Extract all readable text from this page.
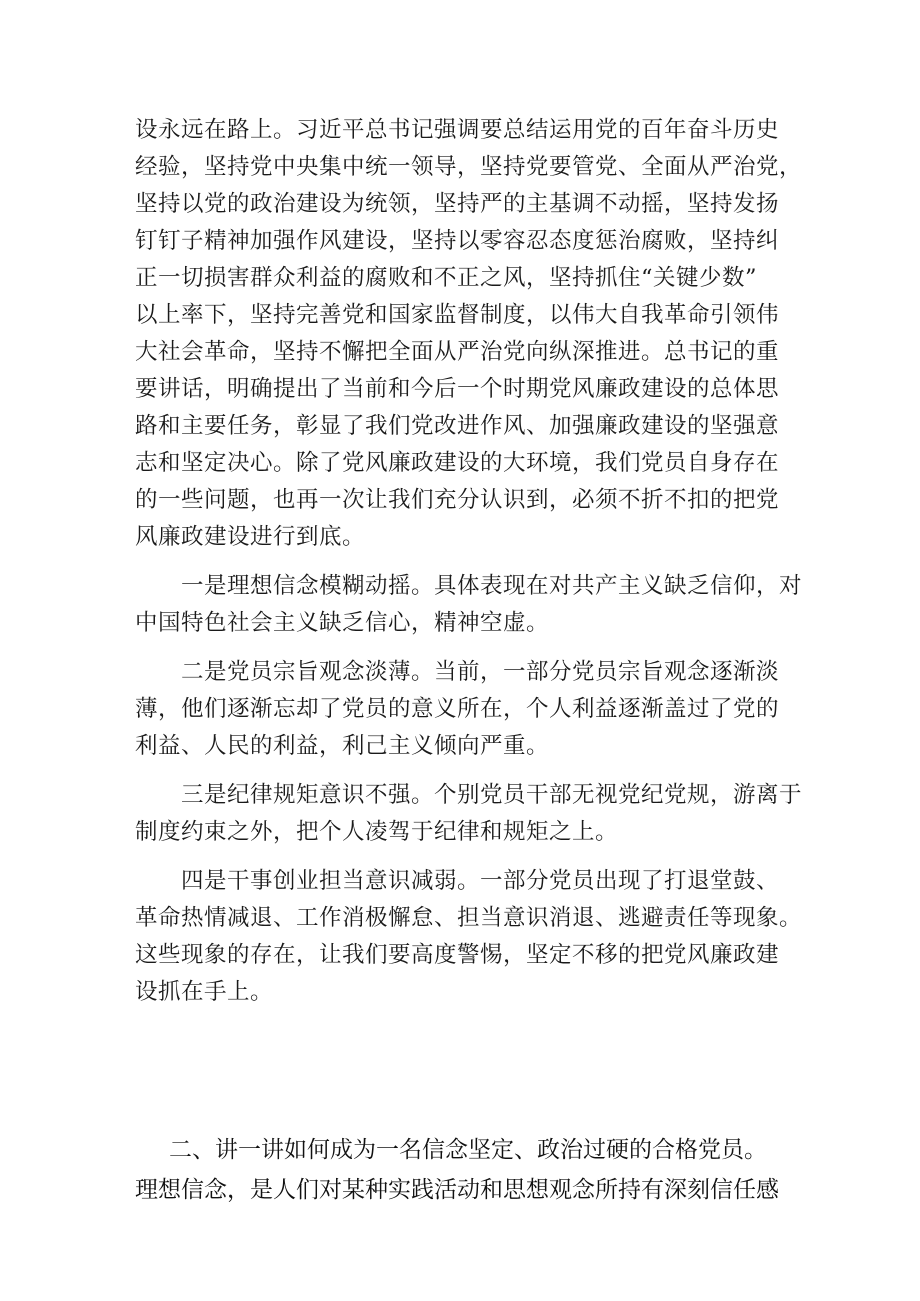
设永远在路上。习近平总书记强调要总结运用党的百年奋斗历史
经验，坚持党中央集中统一领导，坚持党要管党、全面从严治党，
坚持以党的政治建设为统领，坚持严的主基调不动摇，坚持发扬
钉钉子精神加强作风建设，坚持以零容忍态度惩治腐败，坚持纠
正一切损害群众利益的腐败和不正之风，坚持抓住“关键少数”
以上率下，坚持完善党和国家监督制度，以伟大自我革命引领伟
大社会革命，坚持不懈把全面从严治党向纵深推进。总书记的重
要讲话，明确提出了当前和今后一个时期党风廉政建设的总体思
路和主要任务，彰显了我们党改进作风、加强廉政建设的坚强意
志和坚定决心。除了党风廉政建设的大环境，我们党员自身存在
的一些问题，也再一次让我们充分认识到，必须不折不扣的把党
风廉政建设进行到底。
一是理想信念模糊动摇。具体表现在对共产主义缺乏信仰，对
中国特色社会主义缺乏信心，精神空虚。
二是党员宗旨观念淡薄。当前，一部分党员宗旨观念逐渐淡
薄，他们逐渐忘却了党员的意义所在，个人利益逐渐盖过了党的
利益、人民的利益，利己主义倾向严重。
三是纪律规矩意识不强。个别党员干部无视党纪党规，游离于
制度约束之外，把个人凌驾于纪律和规矩之上。
四是干事创业担当意识减弱。一部分党员出现了打退堂鼓、
革命热情减退、工作消极懈怠、担当意识消退、逃避责任等现象。
这些现象的存在，让我们要高度警惕，坚定不移的把党风廉政建
设抓在手上。
二、讲一讲如何成为一名信念坚定、政治过硬的合格党员。
理想信念，是人们对某种实践活动和思想观念所持有深刻信任感
